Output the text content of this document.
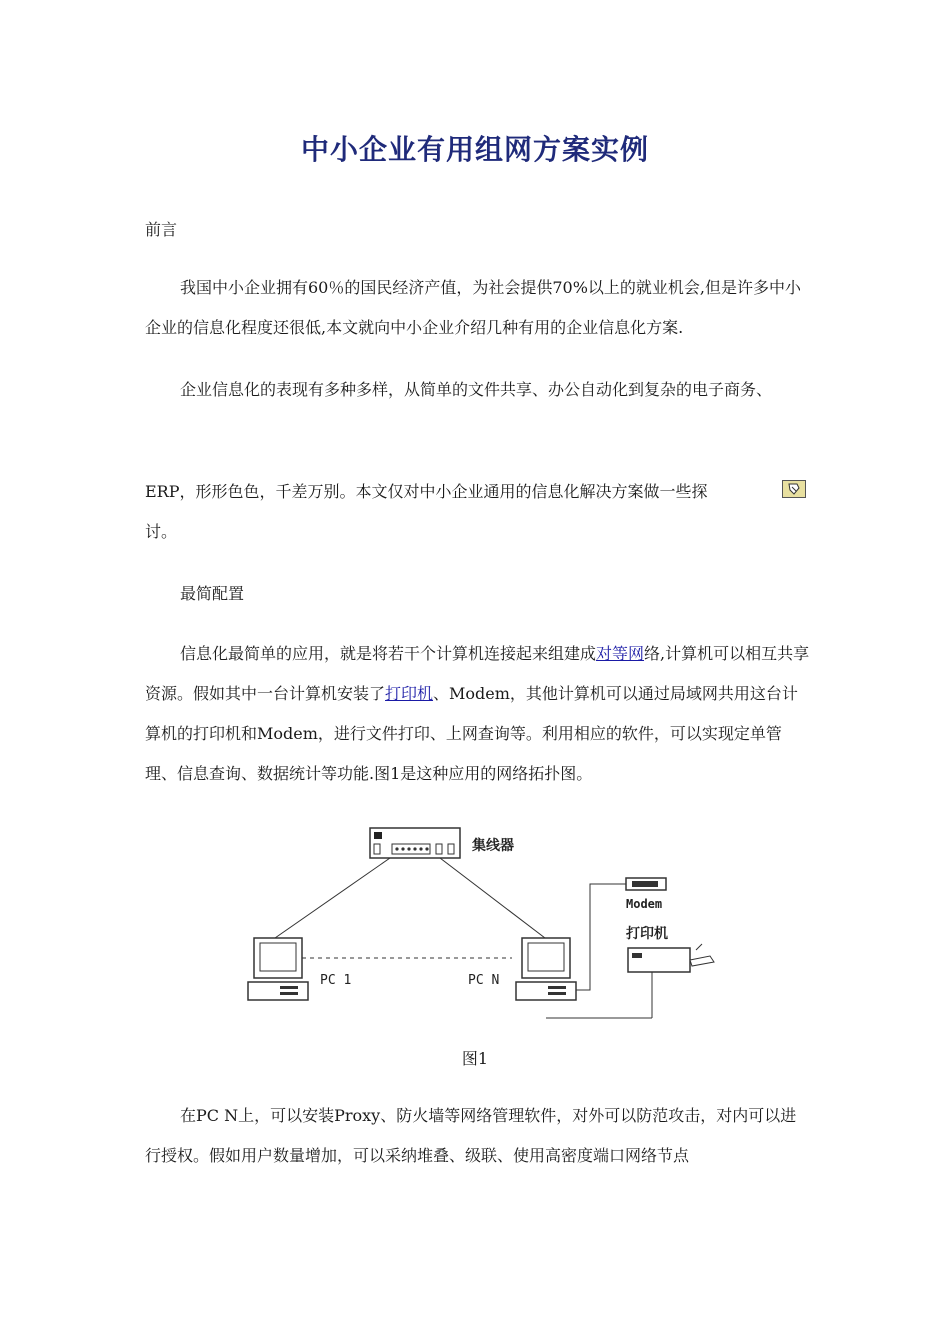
中小企业有用组网方案实例

前言

我国中小企业拥有60％的国民经济产值，为社会提供70%以上的就业机会,但是许多中小企业的信息化程度还很低,本文就向中小企业介绍几种有用的企业信息化方案.

企业信息化的表现有多种多样，从简单的文件共享、办公自动化到复杂的电子商务、

ERP，形形色色，千差万别。本文仅对中小企业通用的信息化解决方案做一些探

讨。

最简配置

信息化最简单的应用，就是将若干个计算机连接起来组建成对等网络,计算机可以相互共享资源。假如其中一台计算机安装了打印机、Modem，其他计算机可以通过局域网共用这台计算机的打印机和Modem，进行文件打印、上网查询等。利用相应的软件，可以实现定单管理、信息查询、数据统计等功能.图1是这种应用的网络拓扑图。

集线器
PC 1	PC N
Modem
打印机
图1

在PC N上，可以安装Proxy、防火墙等网络管理软件，对外可以防范攻击，对内可以进行授权。假如用户数量增加，可以采纳堆叠、级联、使用高密度端口网络节点
